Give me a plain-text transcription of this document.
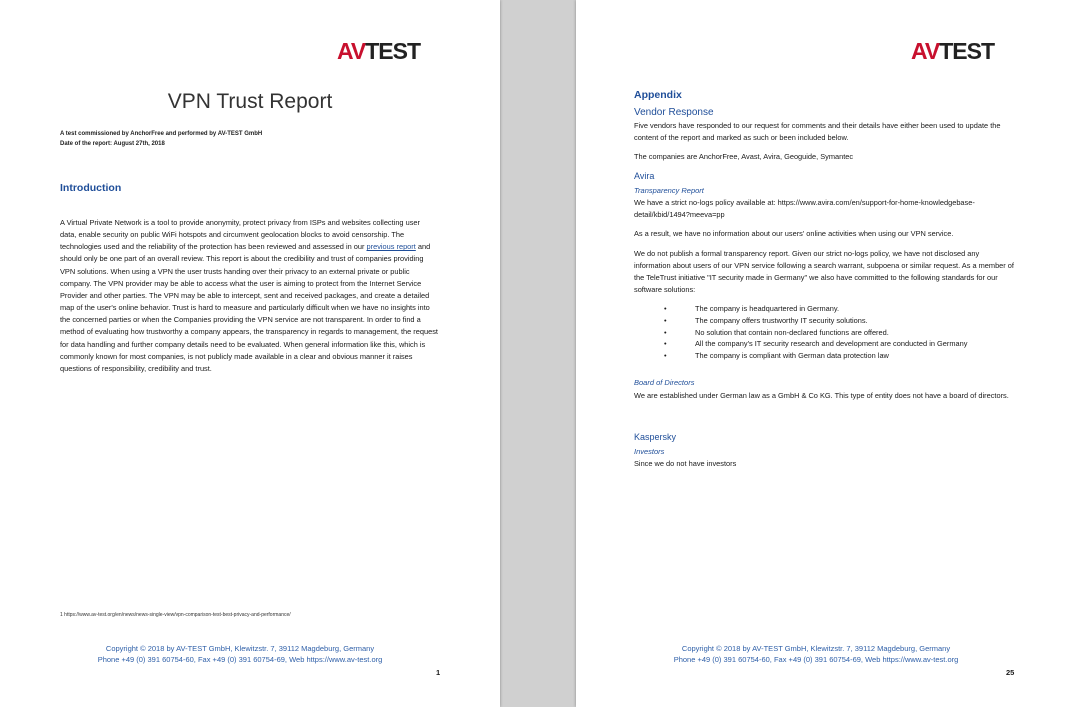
AVTEST
VPN Trust Report
A test commissioned by AnchorFree and performed by AV-TEST GmbH
Date of the report: August 27th, 2018
Introduction

A Virtual Private Network is a tool to provide anonymity, protect privacy from ISPs and websites collecting user data, enable security on public WiFi hotspots and circumvent geolocation blocks to avoid censorship. The technologies used and the reliability of the protection has been reviewed and assessed in our previous report and should only be one part of an overall review. This report is about the credibility and trust of companies providing VPN solutions. When using a VPN the user trusts handing over their privacy to an external private or public company. The VPN provider may be able to access what the user is aiming to protect from the Internet Service Provider and other parties. The VPN may be able to intercept, sent and received packages, and create a detailed map of the user's online behavior. Trust is hard to measure and particularly difficult when we have no insights into the concerned parties or when the Companies providing the VPN service are not transparent. In order to find a method of evaluating how trustworthy a company appears, the transparency in regards to management, the request for data handling and further company details need to be evaluated. When general information like this, which is commonly known for most companies, is not publicly made available in a clear and obvious manner it raises questions of responsibility, credibility and trust.

1 https://www.av-test.org/en/news/news-single-view/vpn-comparison-test-best-privacy-and-performance/
Copyright © 2018 by AV-TEST GmbH, Klewitzstr. 7, 39112 Magdeburg, Germany
Phone +49 (0) 391 60754-60, Fax +49 (0) 391 60754-69, Web https://www.av-test.org
1
AVTEST
Appendix
Vendor Response

Five vendors have responded to our request for comments and their details have either been used to update the content of the report and marked as such or been included below.

The companies are AnchorFree, Avast, Avira, Geoguide, Symantec

Avira
Transparency Report

We have a strict no-logs policy available at: https://www.avira.com/en/support-for-home-knowledgebase-detail/kbid/1494?meeva=pp

As a result, we have no information about our users' online activities when using our VPN service.

We do not publish a formal transparency report. Given our strict no-logs policy, we have not disclosed any information about users of our VPN service following a search warrant, subpoena or similar request. As a member of the TeleTrust initiative "IT security made in Germany" we also have committed to the following standards for our software solutions:

• The company is headquartered in Germany.
• The company offers trustworthy IT security solutions.
• No solution that contain non-declared functions are offered.
• All the company's IT security research and development are conducted in Germany
• The company is compliant with German data protection law
Board of Directors

We are established under German law as a GmbH & Co KG. This type of entity does not have a board of directors.

Kaspersky
Investors

Since we do not have investors

Copyright © 2018 by AV-TEST GmbH, Klewitzstr. 7, 39112 Magdeburg, Germany
Phone +49 (0) 391 60754-60, Fax +49 (0) 391 60754-69, Web https://www.av-test.org
25
